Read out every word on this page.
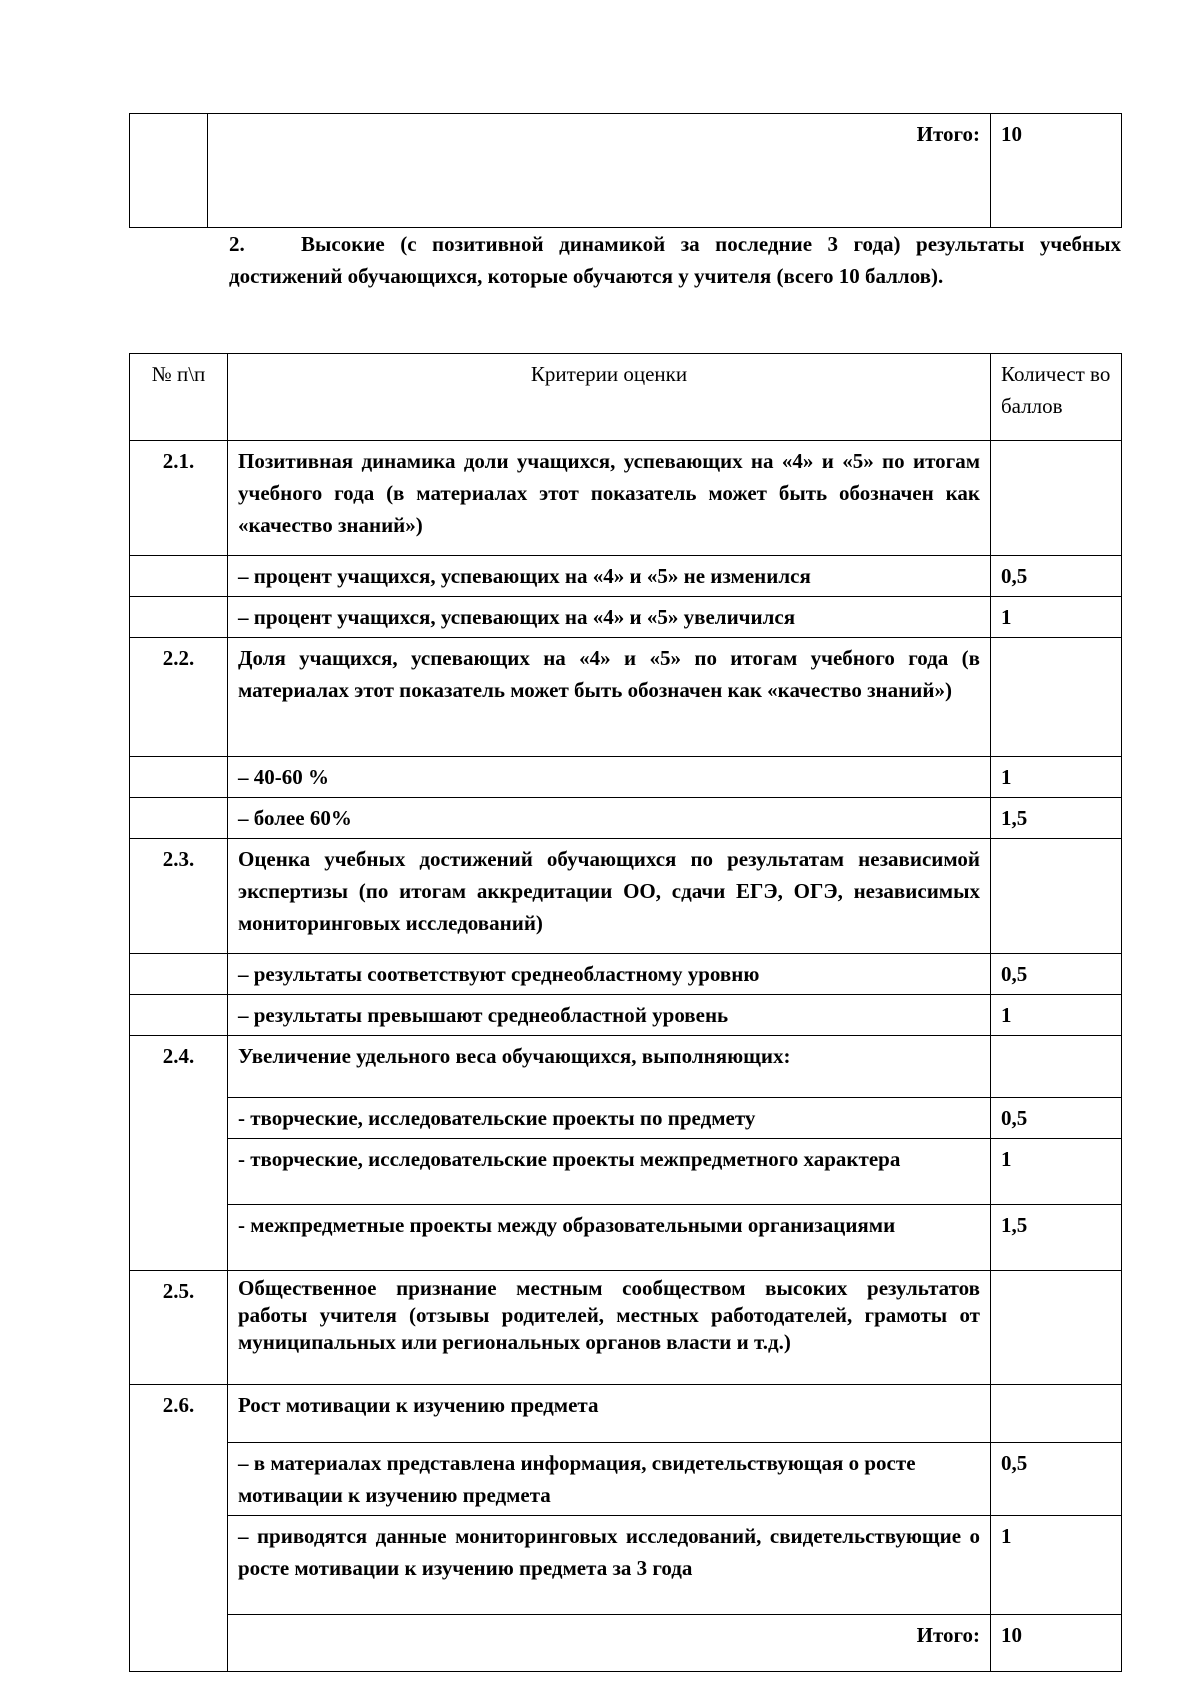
	Итого:	10
2.	Высокие (с позитивной динамикой за последние 3 года) результаты учебных достижений обучающихся, которые обучаются у учителя (всего 10 баллов).
№ п\п	Критерии оценки	Количест во баллов
2.1.	Позитивная динамика доли учащихся, успевающих на «4» и «5» по итогам учебного года (в материалах этот показатель может быть обозначен как «качество знаний»)	
	– процент учащихся, успевающих на «4» и «5» не изменился	0,5
	– процент учащихся, успевающих на «4» и «5» увеличился	1
2.2.	Доля учащихся, успевающих на «4» и «5» по итогам учебного года (в материалах этот показатель может быть обозначен как «качество знаний»)	
	– 40-60 %	1
	– более 60%	1,5
2.3.	Оценка учебных достижений обучающихся по результатам независимой экспертизы (по итогам аккредитации ОО, сдачи ЕГЭ, ОГЭ, независимых мониторинговых исследований)	
	– результаты соответствуют среднеобластному уровню	0,5
	– результаты превышают среднеобластной уровень	1
2.4.	Увеличение удельного веса обучающихся, выполняющих:	
	- творческие, исследовательские проекты по предмету	0,5
	- творческие, исследовательские проекты межпредметного характера	1
	- межпредметные проекты между образовательными организациями	1,5
2.5.	Общественное признание местным сообществом высоких результатов работы учителя (отзывы родителей, местных работодателей, грамоты от муниципальных или региональных органов власти и т.д.)	
2.6.	Рост мотивации к изучению предмета	
	– в материалах представлена информация, свидетельствующая о росте мотивации к изучению предмета	0,5
	– приводятся данные мониторинговых исследований, свидетельствующие о росте мотивации к изучению предмета за 3 года	1
	Итого:	10
